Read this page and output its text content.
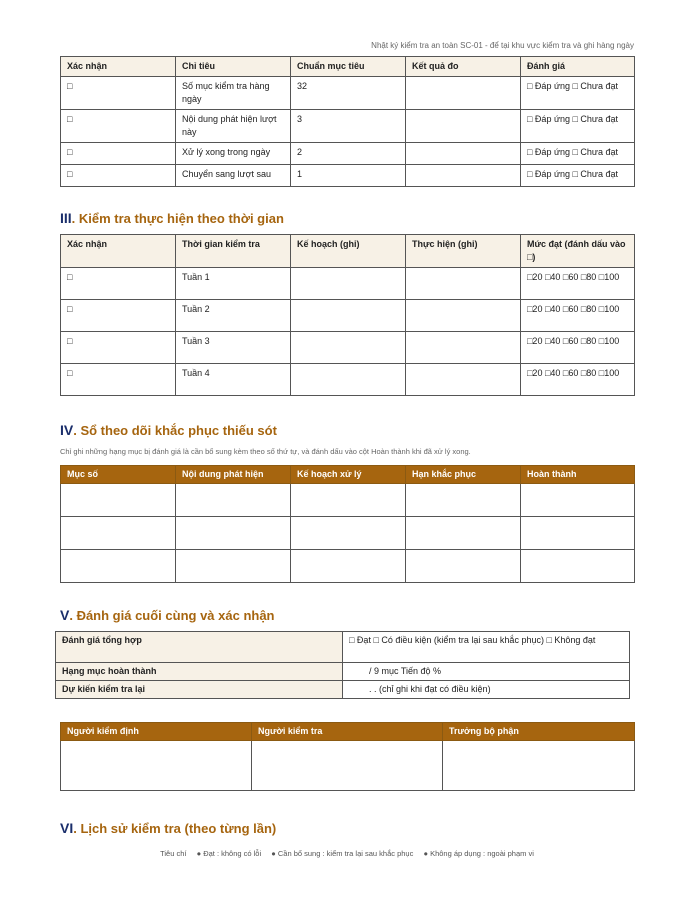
Nhật ký kiểm tra an toàn SC-01 - để tại khu vực kiểm tra và ghi hàng ngày
Xác nhận	Chỉ tiêu	Chuẩn mục tiêu	Kết quả đo	Đánh giá
□	Số mục kiểm tra hàng ngày	32		□ Đáp ứng □ Chưa đạt
□	Nội dung phát hiện lượt này	3		□ Đáp ứng □ Chưa đạt
□	Xử lý xong trong ngày	2		□ Đáp ứng □ Chưa đạt
□	Chuyển sang lượt sau	1		□ Đáp ứng □ Chưa đạt
III. Kiểm tra thực hiện theo thời gian
Xác nhận	Thời gian kiểm tra	Kế hoạch (ghi)	Thực hiện (ghi)	Mức đạt (đánh dấu vào □)
□	Tuần 1			□20 □40 □60 □80 □100
□	Tuần 2			□20 □40 □60 □80 □100
□	Tuần 3			□20 □40 □60 □80 □100
□	Tuần 4			□20 □40 □60 □80 □100
IV. Sổ theo dõi khắc phục thiếu sót
Chỉ ghi những hạng mục bị đánh giá là cần bổ sung kèm theo số thứ tự, và đánh dấu vào cột Hoàn thành khi đã xử lý xong.
Mục số	Nội dung phát hiện	Kế hoạch xử lý	Hạn khắc phục	Hoàn thành

V. Đánh giá cuối cùng và xác nhận
Đánh giá tổng hợp	□ Đạt □ Có điều kiện (kiểm tra lại sau khắc phục) □ Không đạt
Hạng mục hoàn thành	/ 9 mục Tiến độ %
Dự kiến kiểm tra lại	. . (chỉ ghi khi đạt có điều kiện)
Người kiểm định	Người kiểm tra	Trưởng bộ phận

VI. Lịch sử kiểm tra (theo từng lần)
Tiêu chí ● Đạt : không có lỗi ● Cần bổ sung : kiểm tra lại sau khắc phục ● Không áp dụng : ngoài phạm vi
